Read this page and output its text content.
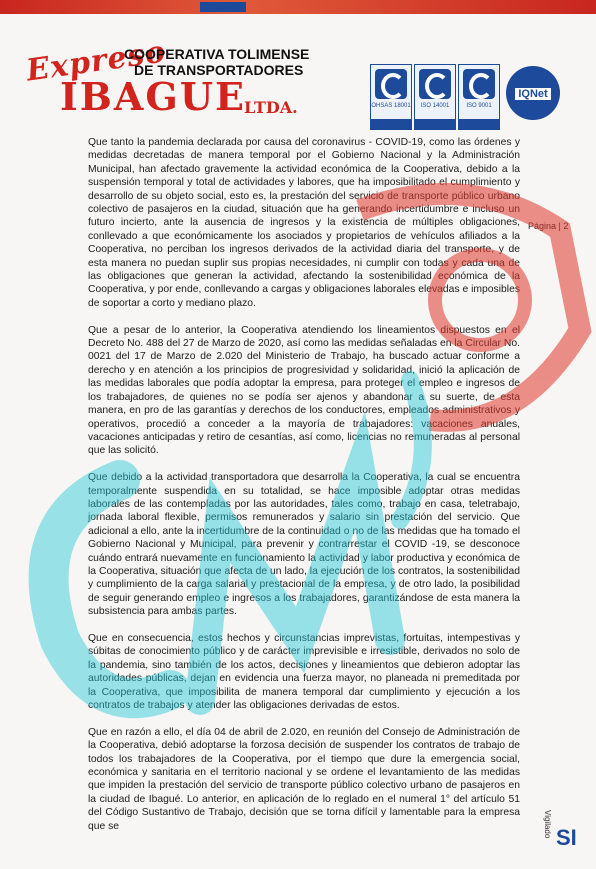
Expreso
COOPERATIVA TOLIMENSE
DE TRANSPORTADORES
IBAGUE
LTDA.	OHSAS 18001	ISO 14001	ISO 9001
IQNet
Página | 2

Que tanto la pandemia declarada por causa del coronavirus - COVID-19, como las órdenes y medidas decretadas de manera temporal por el Gobierno Nacional y la Administración Municipal, han afectado gravemente la actividad económica de la Cooperativa, debido a la suspensión temporal y total de actividades y labores, que ha imposibilitado el cumplimiento y desarrollo de su objeto social, esto es, la prestación del servicio de transporte público urbano colectivo de pasajeros en la ciudad, situación que ha generando incertidumbre e incluso un futuro incierto, ante la ausencia de ingresos y la existencia de múltiples obligaciones, conllevado a que económicamente los asociados y propietarios de vehículos afiliados a la Cooperativa, no perciban los ingresos derivados de la actividad diaria del transporte, y de esta manera no puedan suplir sus propias necesidades, ni cumplir con todas y cada una de las obligaciones que generan la actividad, afectando la sostenibilidad económica de la Cooperativa, y por ende, conllevando a cargas y obligaciones laborales elevadas e imposibles de soportar a corto y mediano plazo.

Que a pesar de lo anterior, la Cooperativa atendiendo los lineamientos dispuestos en el Decreto No. 488 del 27 de Marzo de 2020, así como las medidas señaladas en la Circular No. 0021 del 17 de Marzo de 2.020 del Ministerio de Trabajo, ha buscado actuar conforme a derecho y en atención a los principios de progresividad y solidaridad, inició la aplicación de las medidas laborales que podía adoptar la empresa, para proteger el empleo e ingresos de los trabajadores, de quienes no se podía ser ajenos y abandonar a su suerte, de esta manera, en pro de las garantías y derechos de los conductores, empleados administrativos y operativos, procedió a conceder a la mayoría de trabajadores: vacaciones anuales, vacaciones anticipadas y retiro de cesantías, así como, licencias no remuneradas al personal que las solicitó.

Que debido a la actividad transportadora que desarrolla la Cooperativa, la cual se encuentra temporalmente suspendida en su totalidad, se hace imposible adoptar otras medidas laborales de las contempladas por las autoridades, tales como, trabajo en casa, teletrabajo, jornada laboral flexible, permisos remunerados y salario sin prestación del servicio. Que adicional a ello, ante la incertidumbre de la continuidad o no de las medidas que ha tomado el Gobierno Nacional y Municipal, para prevenir y contrarrestar el COVID -19, se desconoce cuándo entrará nuevamente en funcionamiento la actividad y labor productiva y económica de la Cooperativa, situación que afecta de un lado, la ejecución de los contratos, la sostenibilidad y cumplimiento de la carga salarial y prestacional de la empresa, y de otro lado, la posibilidad de seguir generando empleo e ingresos a los trabajadores, garantizándose de esta manera la subsistencia para ambas partes.

Que en consecuencia, estos hechos y circunstancias imprevistas, fortuitas, intempestivas y súbitas de conocimiento público y de carácter imprevisible e irresistible, derivados no solo de la pandemia, sino también de los actos, decisiones y lineamientos que debieron adoptar las autoridades públicas, dejan en evidencia una fuerza mayor, no planeada ni premeditada por la Cooperativa, que imposibilita de manera temporal dar cumplimiento y ejecución a los contratos de trabajos y atender las obligaciones derivadas de estos.

Que en razón a ello, el día 04 de abril de 2.020, en reunión del Consejo de Administración de la Cooperativa, debió adoptarse la forzosa decisión de suspender los contratos de trabajo de todos los trabajadores de la Cooperativa, por el tiempo que dure la emergencia social, económica y sanitaria en el territorio nacional y se ordene el levantamiento de las medidas que impiden la prestación del servicio de transporte público colectivo urbano de pasajeros en la ciudad de Ibagué. Lo anterior, en aplicación de lo reglado en el numeral 1° del artículo 51 del Código Sustantivo de Trabajo, decisión que se torna difícil y lamentable para la empresa que se	Vigilado SI
